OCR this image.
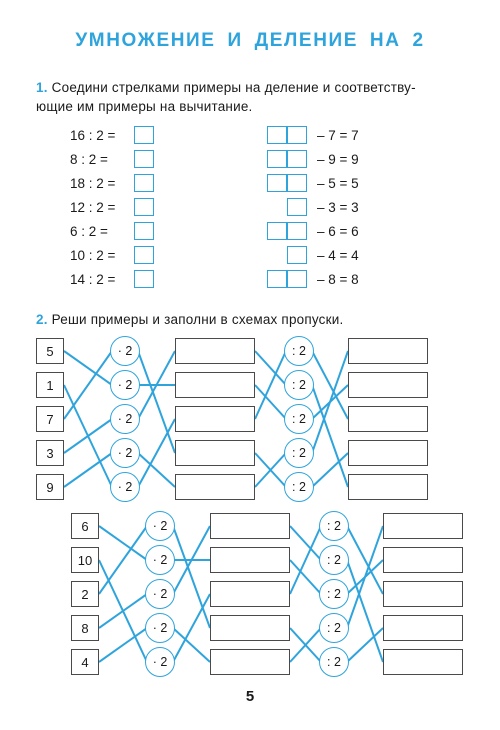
УМНОЖЕНИЕ И ДЕЛЕНИЕ НА 2
1. Соедини стрелками примеры на деление и соответству-
ющие им примеры на вычитание.
16 : 2 =	– 7 = 7
8 : 2 =	– 9 = 9
18 : 2 =	– 5 = 5
12 : 2 =	– 3 = 3
6 : 2 =	– 6 = 6
10 : 2 =	– 4 = 4
14 : 2 =	– 8 = 8
2. Реши примеры и заполни в схемах пропуски.
5	· 2	: 2
1	· 2	: 2
7	· 2	: 2
3	· 2	: 2
9	· 2	: 2
6	· 2	: 2
10	· 2	: 2
2	· 2	: 2
8	· 2	: 2
4	· 2	: 2
5
